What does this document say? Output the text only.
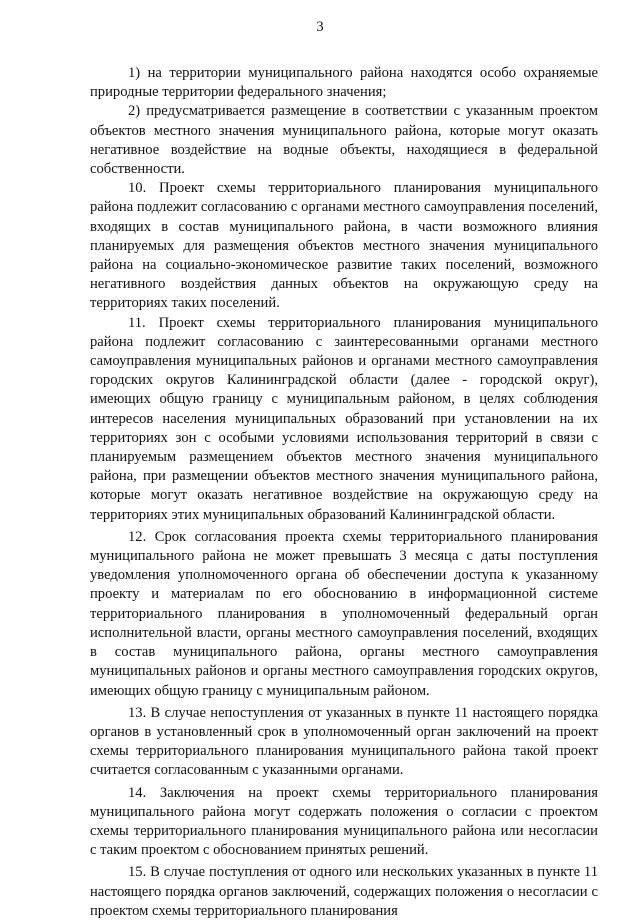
3

1) на территории муниципального района находятся особо охраняемые природные территории федерального значения;

2) предусматривается размещение в соответствии с указанным проектом объектов местного значения муниципального района, которые могут оказать негативное воздействие на водные объекты, находящиеся в федеральной собственности.

10. Проект схемы территориального планирования муниципального района подлежит согласованию с органами местного самоуправления поселений, входящих в состав муниципального района, в части возможного влияния планируемых для размещения объектов местного значения муниципального района на социально-экономическое развитие таких поселений, возможного негативного воздействия данных объектов на окружающую среду на территориях таких поселений.

11. Проект схемы территориального планирования муниципального района подлежит согласованию с заинтересованными органами местного самоуправления муниципальных районов и органами местного самоуправления городских округов Калининградской области (далее - городской округ), имеющих общую границу с муниципальным районом, в целях соблюдения интересов населения муниципальных образований при установлении на их территориях зон с особыми условиями использования территорий в связи с планируемым размещением объектов местного значения муниципального района, при размещении объектов местного значения муниципального района, которые могут оказать негативное воздействие на окружающую среду на территориях этих муниципальных образований Калининградской области.

12. Срок согласования проекта схемы территориального планирования муниципального района не может превышать 3 месяца с даты поступления уведомления уполномоченного органа об обеспечении доступа к указанному проекту и материалам по его обоснованию в информационной системе территориального планирования в уполномоченный федеральный орган исполнительной власти, органы местного самоуправления поселений, входящих в состав муниципального района, органы местного самоуправления муниципальных районов и органы местного самоуправления городских округов, имеющих общую границу с муниципальным районом.

13. В случае непоступления от указанных в пункте 11 настоящего порядка органов в установленный срок в уполномоченный орган заключений на проект схемы территориального планирования муниципального района такой проект считается согласованным с указанными органами.

14. Заключения на проект схемы территориального планирования муниципального района могут содержать положения о согласии с проектом схемы территориального планирования муниципального района или несогласии с таким проектом с обоснованием принятых решений.

15. В случае поступления от одного или нескольких указанных в пункте 11 настоящего порядка органов заключений, содержащих положения о несогласии с проектом схемы территориального планирования
